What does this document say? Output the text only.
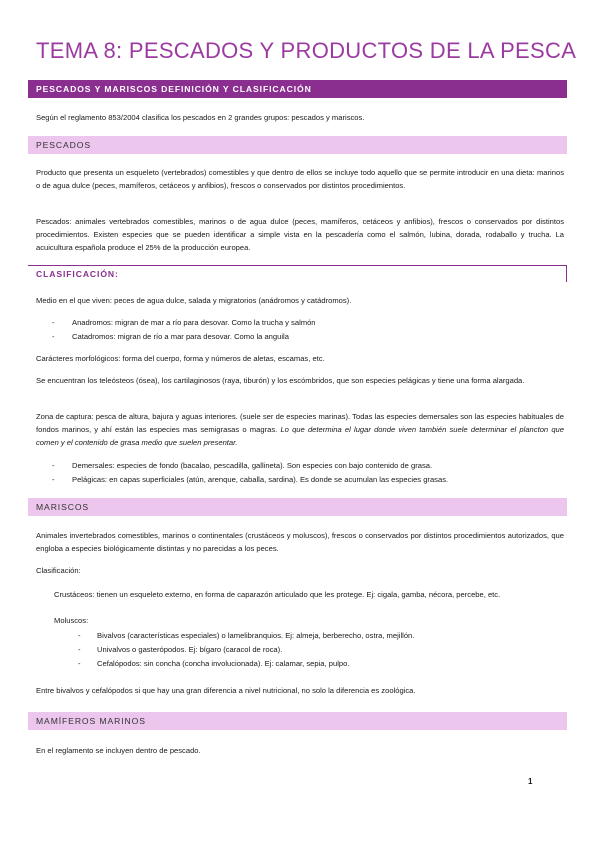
TEMA 8: PESCADOS Y PRODUCTOS DE LA PESCA
PESCADOS Y MARISCOS DEFINICIÓN Y CLASIFICACIÓN
Según el reglamento 853/2004 clasifica los pescados en 2 grandes grupos: pescados y mariscos.
PESCADOS
Producto que presenta un esqueleto (vertebrados) comestibles y que dentro de ellos se incluye todo aquello que se permite introducir en una dieta: marinos o de agua dulce (peces, mamíferos, cetáceos y anfibios), frescos o conservados por distintos procedimientos.
Pescados: animales vertebrados comestibles, marinos o de agua dulce (peces, mamíferos, cetáceos y anfibios), frescos o conservados por distintos procedimientos. Existen especies que se pueden identificar a simple vista en la pescadería como el salmón, lubina, dorada, rodaballo y trucha. La acuicultura española produce el 25% de la producción europea.
CLASIFICACIÓN:
Medio en el que viven: peces de agua dulce, salada y migratorios (anádromos y catádromos).
- Anadromos: migran de mar a río para desovar. Como la trucha y salmón
- Catadromos: migran de río a mar para desovar. Como la anguila
Carácteres morfológicos: forma del cuerpo, forma y números de aletas, escamas, etc.
Se encuentran los teleósteos (ósea), los cartilaginosos (raya, tiburón) y los escómbridos, que son especies pelágicas y tiene una forma alargada.
Zona de captura: pesca de altura, bajura y aguas interiores. (suele ser de especies marinas). Todas las especies demersales son las especies habituales de fondos marinos, y ahí están las especies mas semigrasas o magras. Lo que determina el lugar donde viven también suele determinar el plancton que comen y el contenido de grasa medio que suelen presentar.
- Demersales: especies de fondo (bacalao, pescadilla, gallineta). Son especies con bajo contenido de grasa.
- Pelágicas: en capas superficiales (atún, arenque, caballa, sardina). Es donde se acumulan las especies grasas.
MARISCOS
Animales invertebrados comestibles, marinos o continentales (crustáceos y moluscos), frescos o conservados por distintos procedimientos autorizados, que engloba a especies biológicamente distintas y no parecidas a los peces.
Clasificación:
Crustáceos: tienen un esqueleto externo, en forma de caparazón articulado que les protege. Ej: cigala, gamba, nécora, percebe, etc.
Moluscos:
- Bivalvos (características especiales) o lamelibranquios. Ej: almeja, berberecho, ostra, mejillón.
- Univalvos o gasterópodos. Ej: bígaro (caracol de roca).
- Cefalópodos: sin concha (concha involucionada). Ej: calamar, sepia, pulpo.
Entre bivalvos y cefalópodos si que hay una gran diferencia a nivel nutricional, no solo la diferencia es zoológica.
MAMÍFEROS MARINOS
En el reglamento se incluyen dentro de pescado.
1
